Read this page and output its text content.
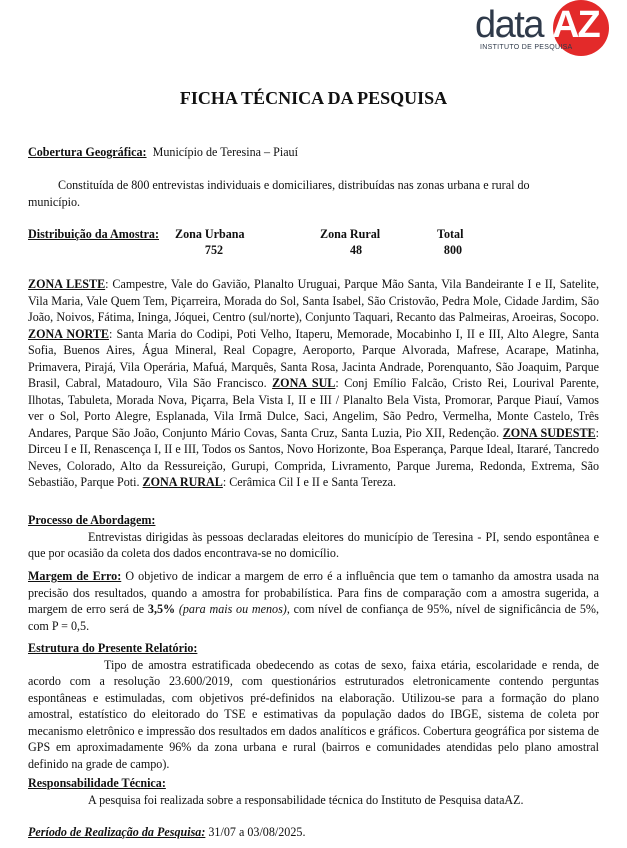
data AZ
INSTITUTO DE PESQUISA
FICHA TÉCNICA DA PESQUISA
Cobertura Geográfica: Município de Teresina – Piauí
Constituída de 800 entrevistas individuais e domiciliares, distribuídas nas zonas urbana e rural do município.
Distribuição da Amostra: Zona Urbana	Zona Rural	Total
752	48	800
ZONA LESTE: Campestre, Vale do Gavião, Planalto Uruguai, Parque Mão Santa, Vila Bandeirante I e II, Satelite, Vila Maria, Vale Quem Tem, Piçarreira, Morada do Sol, Santa Isabel, São Cristovão, Pedra Mole, Cidade Jardim, São João, Noivos, Fátima, Ininga, Jóquei, Centro (sul/norte), Conjunto Taquari, Recanto das Palmeiras, Aroeiras, Socopo. ZONA NORTE: Santa Maria do Codipi, Poti Velho, Itaperu, Memorade, Mocabinho I, II e III, Alto Alegre, Santa Sofia, Buenos Aires, Água Mineral, Real Copagre, Aeroporto, Parque Alvorada, Mafrese, Acarape, Matinha, Primavera, Pirajá, Vila Operária, Mafuá, Marquês, Santa Rosa, Jacinta Andrade, Porenquanto, São Joaquim, Parque Brasil, Cabral, Matadouro, Vila São Francisco. ZONA SUL: Conj Emílio Falcão, Cristo Rei, Lourival Parente, Ilhotas, Tabuleta, Morada Nova, Piçarra, Bela Vista I, II e III / Planalto Bela Vista, Promorar, Parque Piauí, Vamos ver o Sol, Porto Alegre, Esplanada, Vila Irmã Dulce, Saci, Angelim, São Pedro, Vermelha, Monte Castelo, Três Andares, Parque São João, Conjunto Mário Covas, Santa Cruz, Santa Luzia, Pio XII, Redenção. ZONA SUDESTE: Dirceu I e II, Renascença I, II e III, Todos os Santos, Novo Horizonte, Boa Esperança, Parque Ideal, Itararé, Tancredo Neves, Colorado, Alto da Ressureição, Gurupi, Comprida, Livramento, Parque Jurema, Redonda, Extrema, São Sebastião, Parque Poti. ZONA RURAL: Cerâmica Cil I e II e Santa Tereza.
Processo de Abordagem:
Entrevistas dirigidas às pessoas declaradas eleitores do município de Teresina - PI, sendo espontânea e que por ocasião da coleta dos dados encontrava-se no domicílio.
Margem de Erro: O objetivo de indicar a margem de erro é a influência que tem o tamanho da amostra usada na precisão dos resultados, quando a amostra for probabilística. Para fins de comparação com a amostra sugerida, a margem de erro será de 3,5% (para mais ou menos), com nível de confiança de 95%, nível de significância de 5%, com P = 0,5.
Estrutura do Presente Relatório:
Tipo de amostra estratificada obedecendo as cotas de sexo, faixa etária, escolaridade e renda, de acordo com a resolução 23.600/2019, com questionários estruturados eletronicamente contendo perguntas espontâneas e estimuladas, com objetivos pré-definidos na elaboração. Utilizou-se para a formação do plano amostral, estatístico do eleitorado do TSE e estimativas da população dados do IBGE, sistema de coleta por mecanismo eletrônico e impressão dos resultados em dados analíticos e gráficos. Cobertura geográfica por sistema de GPS em aproximadamente 96% da zona urbana e rural (bairros e comunidades atendidas pelo plano amostral definido na grade de campo).
Responsabilidade Técnica:
A pesquisa foi realizada sobre a responsabilidade técnica do Instituto de Pesquisa dataAZ.
Período de Realização da Pesquisa: 31/07 a 03/08/2025.
